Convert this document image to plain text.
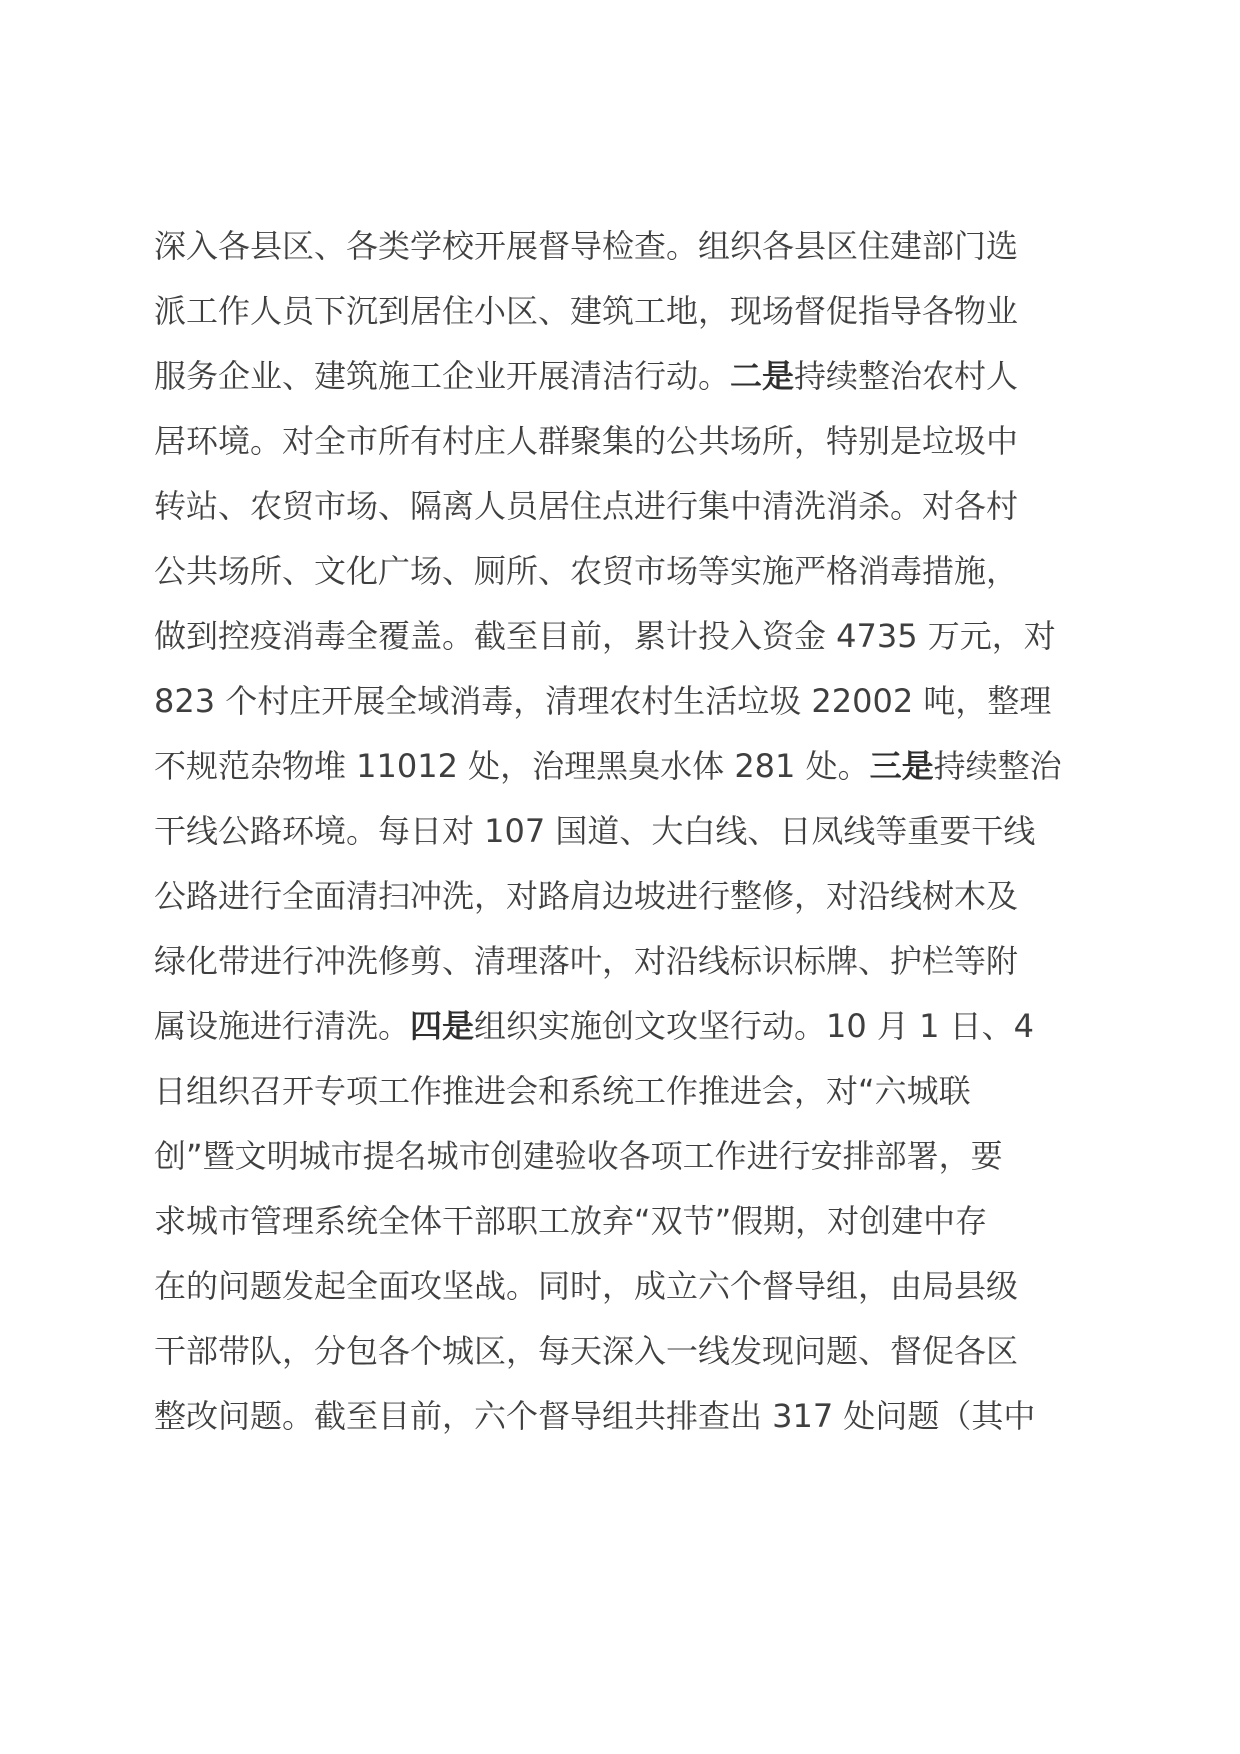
深入各县区、各类学校开展督导检查。组织各县区住建部门选
派工作人员下沉到居住小区、建筑工地，现场督促指导各物业
服务企业、建筑施工企业开展清洁行动。二是持续整治农村人
居环境。对全市所有村庄人群聚集的公共场所，特别是垃圾中
转站、农贸市场、隔离人员居住点进行集中清洗消杀。对各村
公共场所、文化广场、厕所、农贸市场等实施严格消毒措施，
做到控疫消毒全覆盖。截至目前，累计投入资金 4735 万元，对
823 个村庄开展全域消毒，清理农村生活垃圾 22002 吨，整理
不规范杂物堆 11012 处，治理黑臭水体 281 处。三是持续整治
干线公路环境。每日对 107 国道、大白线、日凤线等重要干线
公路进行全面清扫冲洗，对路肩边坡进行整修，对沿线树木及
绿化带进行冲洗修剪、清理落叶，对沿线标识标牌、护栏等附
属设施进行清洗。四是组织实施创文攻坚行动。10 月 1 日、4
日组织召开专项工作推进会和系统工作推进会，对“六城联
创”暨文明城市提名城市创建验收各项工作进行安排部署，要
求城市管理系统全体干部职工放弃“双节”假期，对创建中存
在的问题发起全面攻坚战。同时，成立六个督导组，由局县级
干部带队，分包各个城区，每天深入一线发现问题、督促各区
整改问题。截至目前，六个督导组共排查出 317 处问题（其中
